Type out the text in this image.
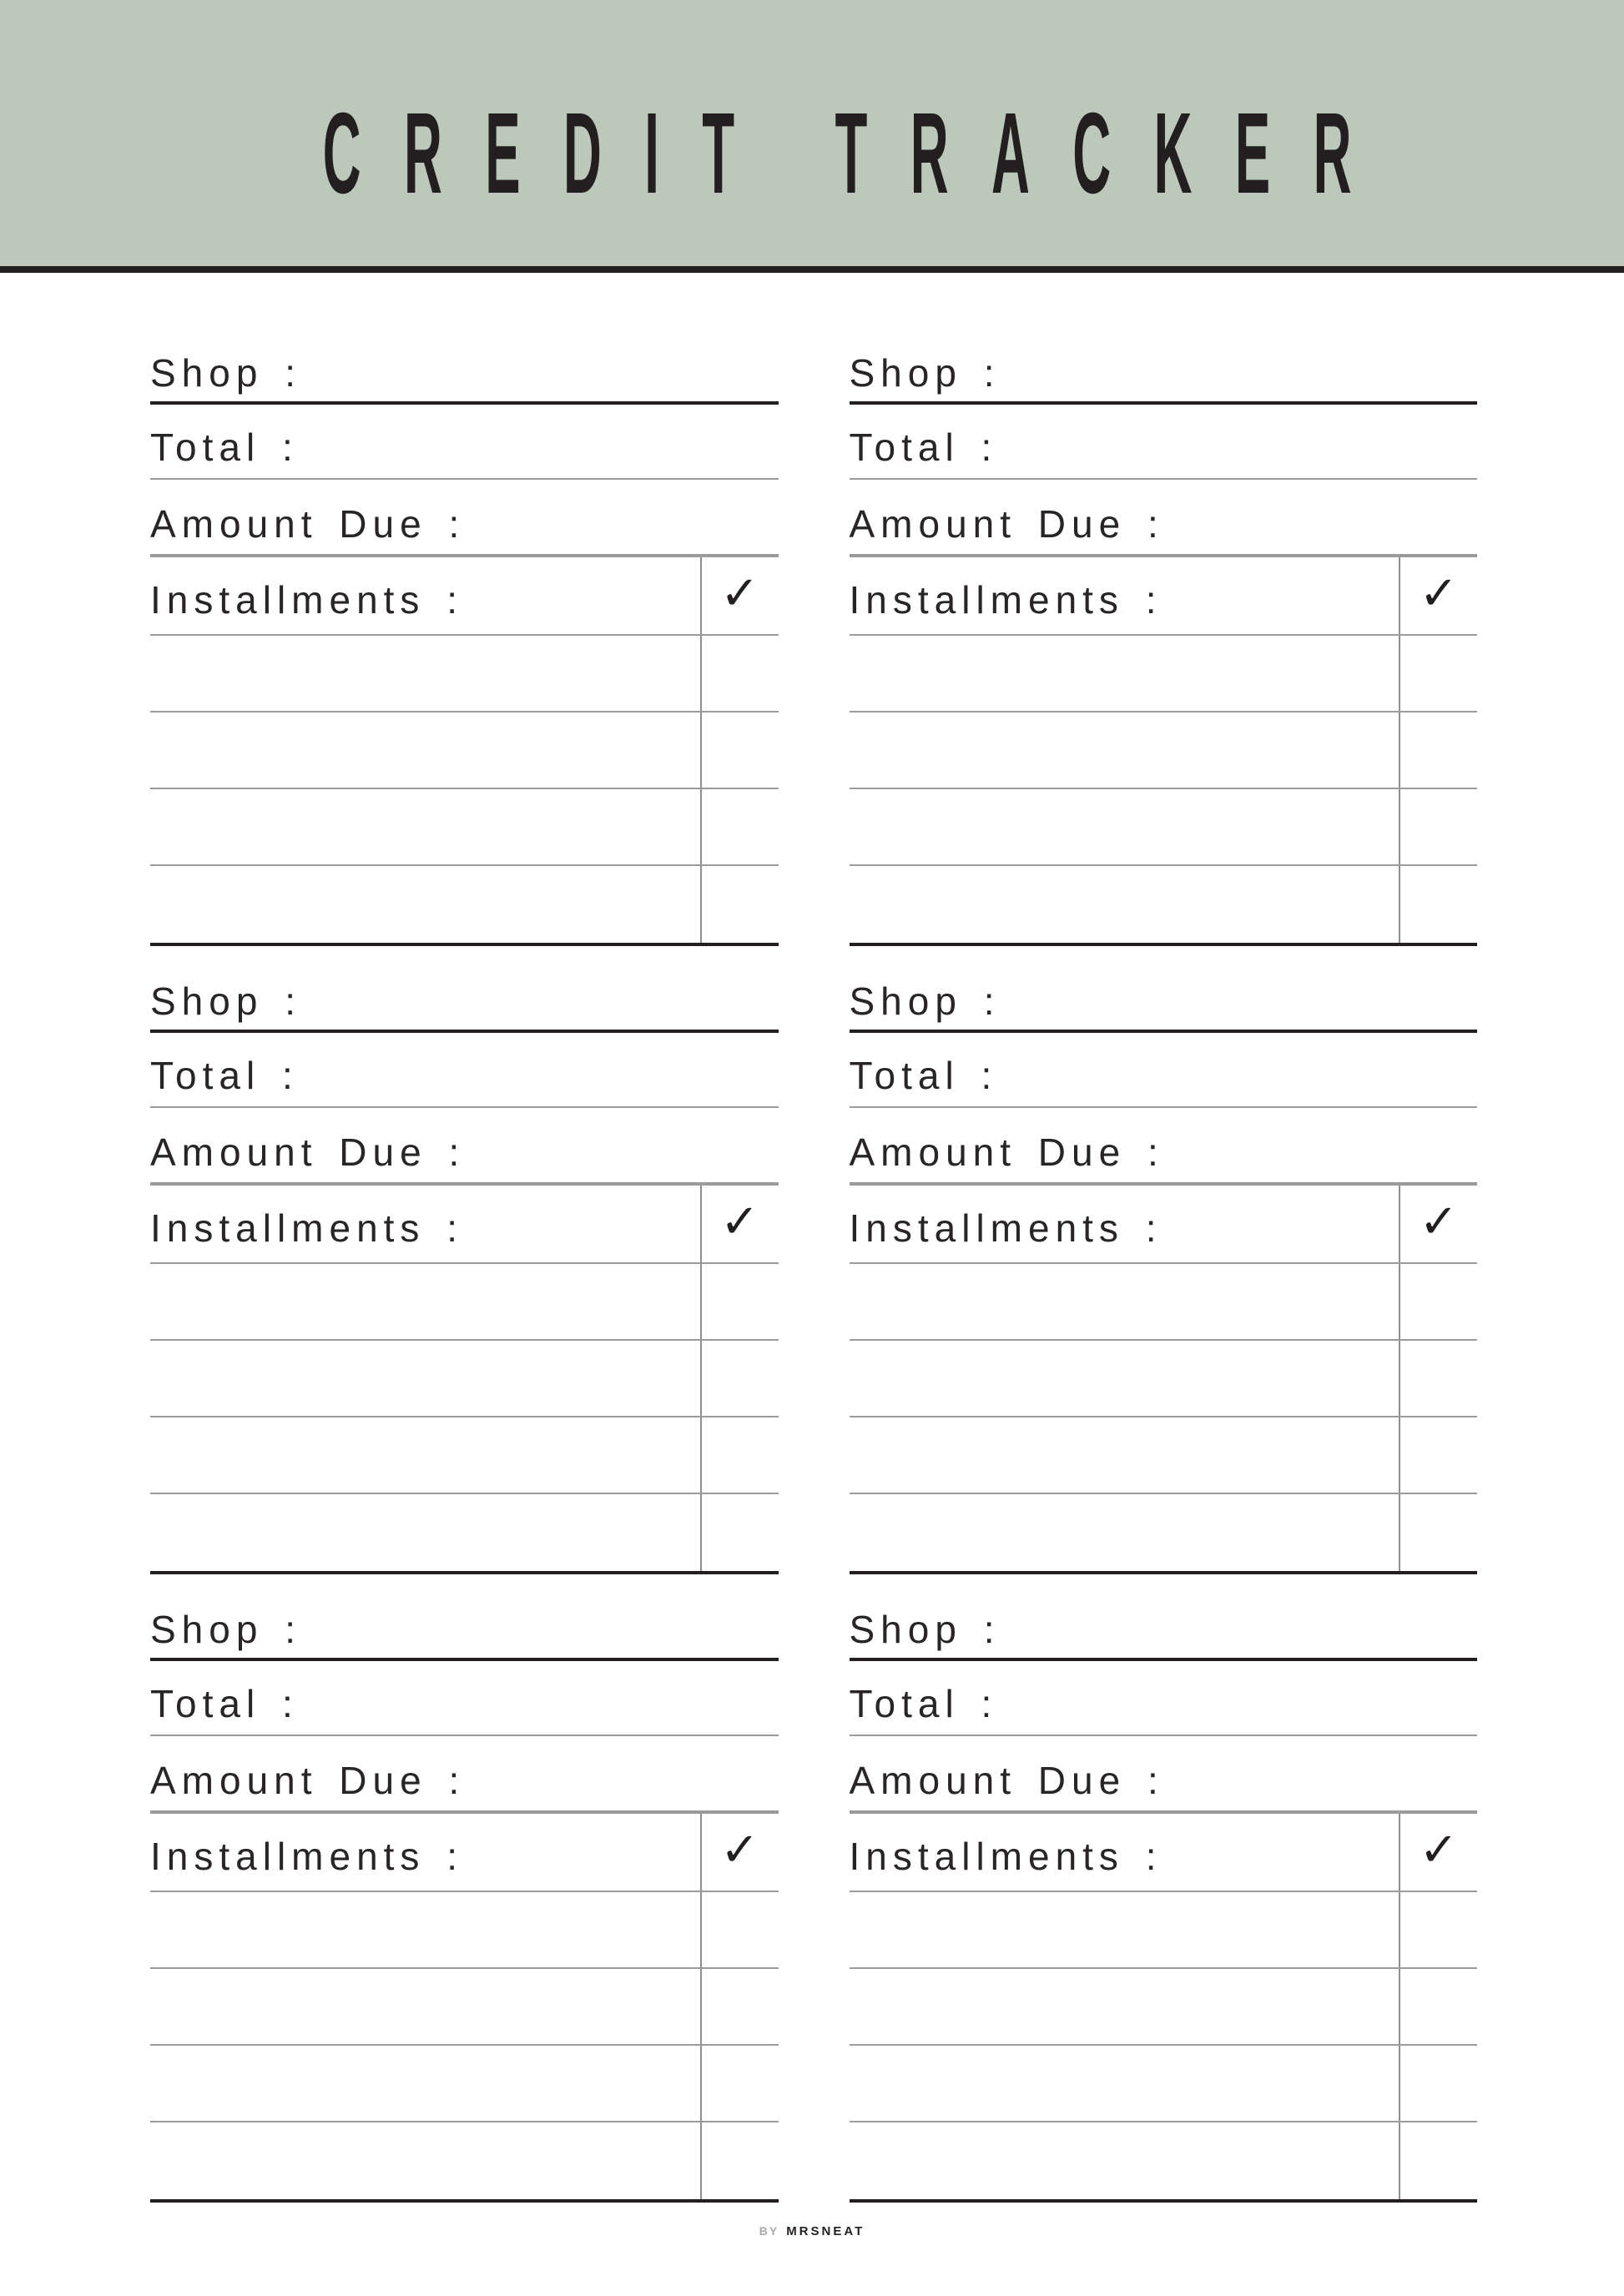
CREDIT TRACKER
Shop :
Total :
Amount Due :
Installments :	✓
Shop :
Total :
Amount Due :
Installments :	✓
Shop :
Total :
Amount Due :
Installments :	✓
Shop :
Total :
Amount Due :
Installments :	✓
Shop :
Total :
Amount Due :
Installments :	✓
Shop :
Total :
Amount Due :
Installments :	✓
BY MRSNEAT
